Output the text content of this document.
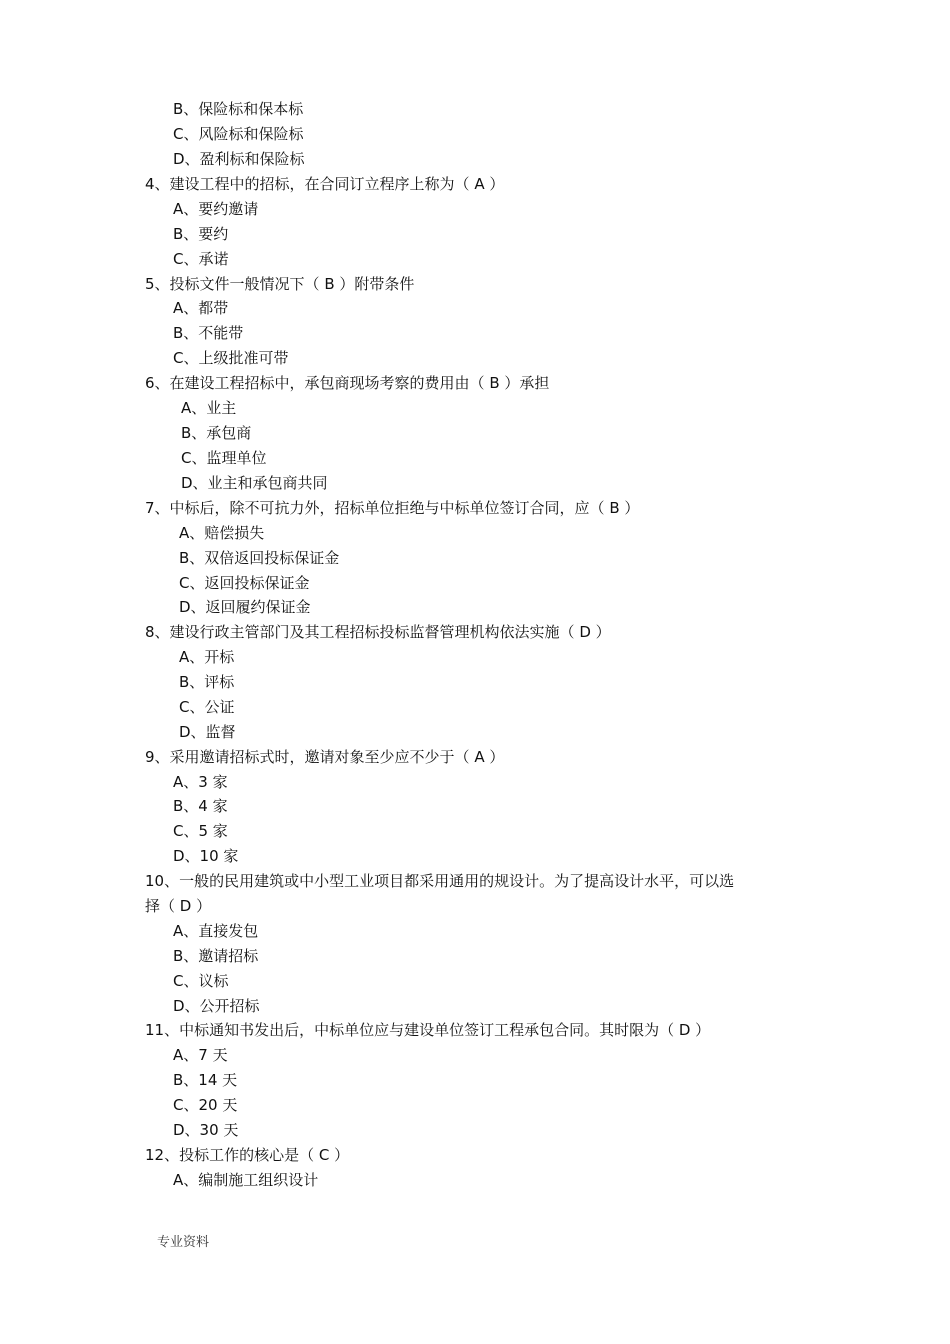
B、保险标和保本标
C、风险标和保险标
D、盈利标和保险标
4、建设工程中的招标，在合同订立程序上称为（ A ）
A、要约邀请
B、要约
C、承诺
5、投标文件一般情况下（ B ）附带条件
A、都带
B、不能带
C、上级批准可带
6、在建设工程招标中，承包商现场考察的费用由（ B ）承担
A、业主
B、承包商
C、监理单位
D、业主和承包商共同
7、中标后，除不可抗力外，招标单位拒绝与中标单位签订合同，应（ B ）
A、赔偿损失
B、双倍返回投标保证金
C、返回投标保证金
D、返回履约保证金
8、建设行政主管部门及其工程招标投标监督管理机构依法实施（ D ）
A、开标
B、评标
C、公证
D、监督
9、采用邀请招标式时，邀请对象至少应不少于（ A ）
A、3 家
B、4 家
C、5 家
D、10 家
10、一般的民用建筑或中小型工业项目都采用通用的规设计。为了提高设计水平，可以选
择（ D ）
A、直接发包
B、邀请招标
C、议标
D、公开招标
11、中标通知书发出后，中标单位应与建设单位签订工程承包合同。其时限为（ D ）
A、7 天
B、14 天
C、20 天
D、30 天
12、投标工作的核心是（ C ）
A、编制施工组织设计
专业资料
